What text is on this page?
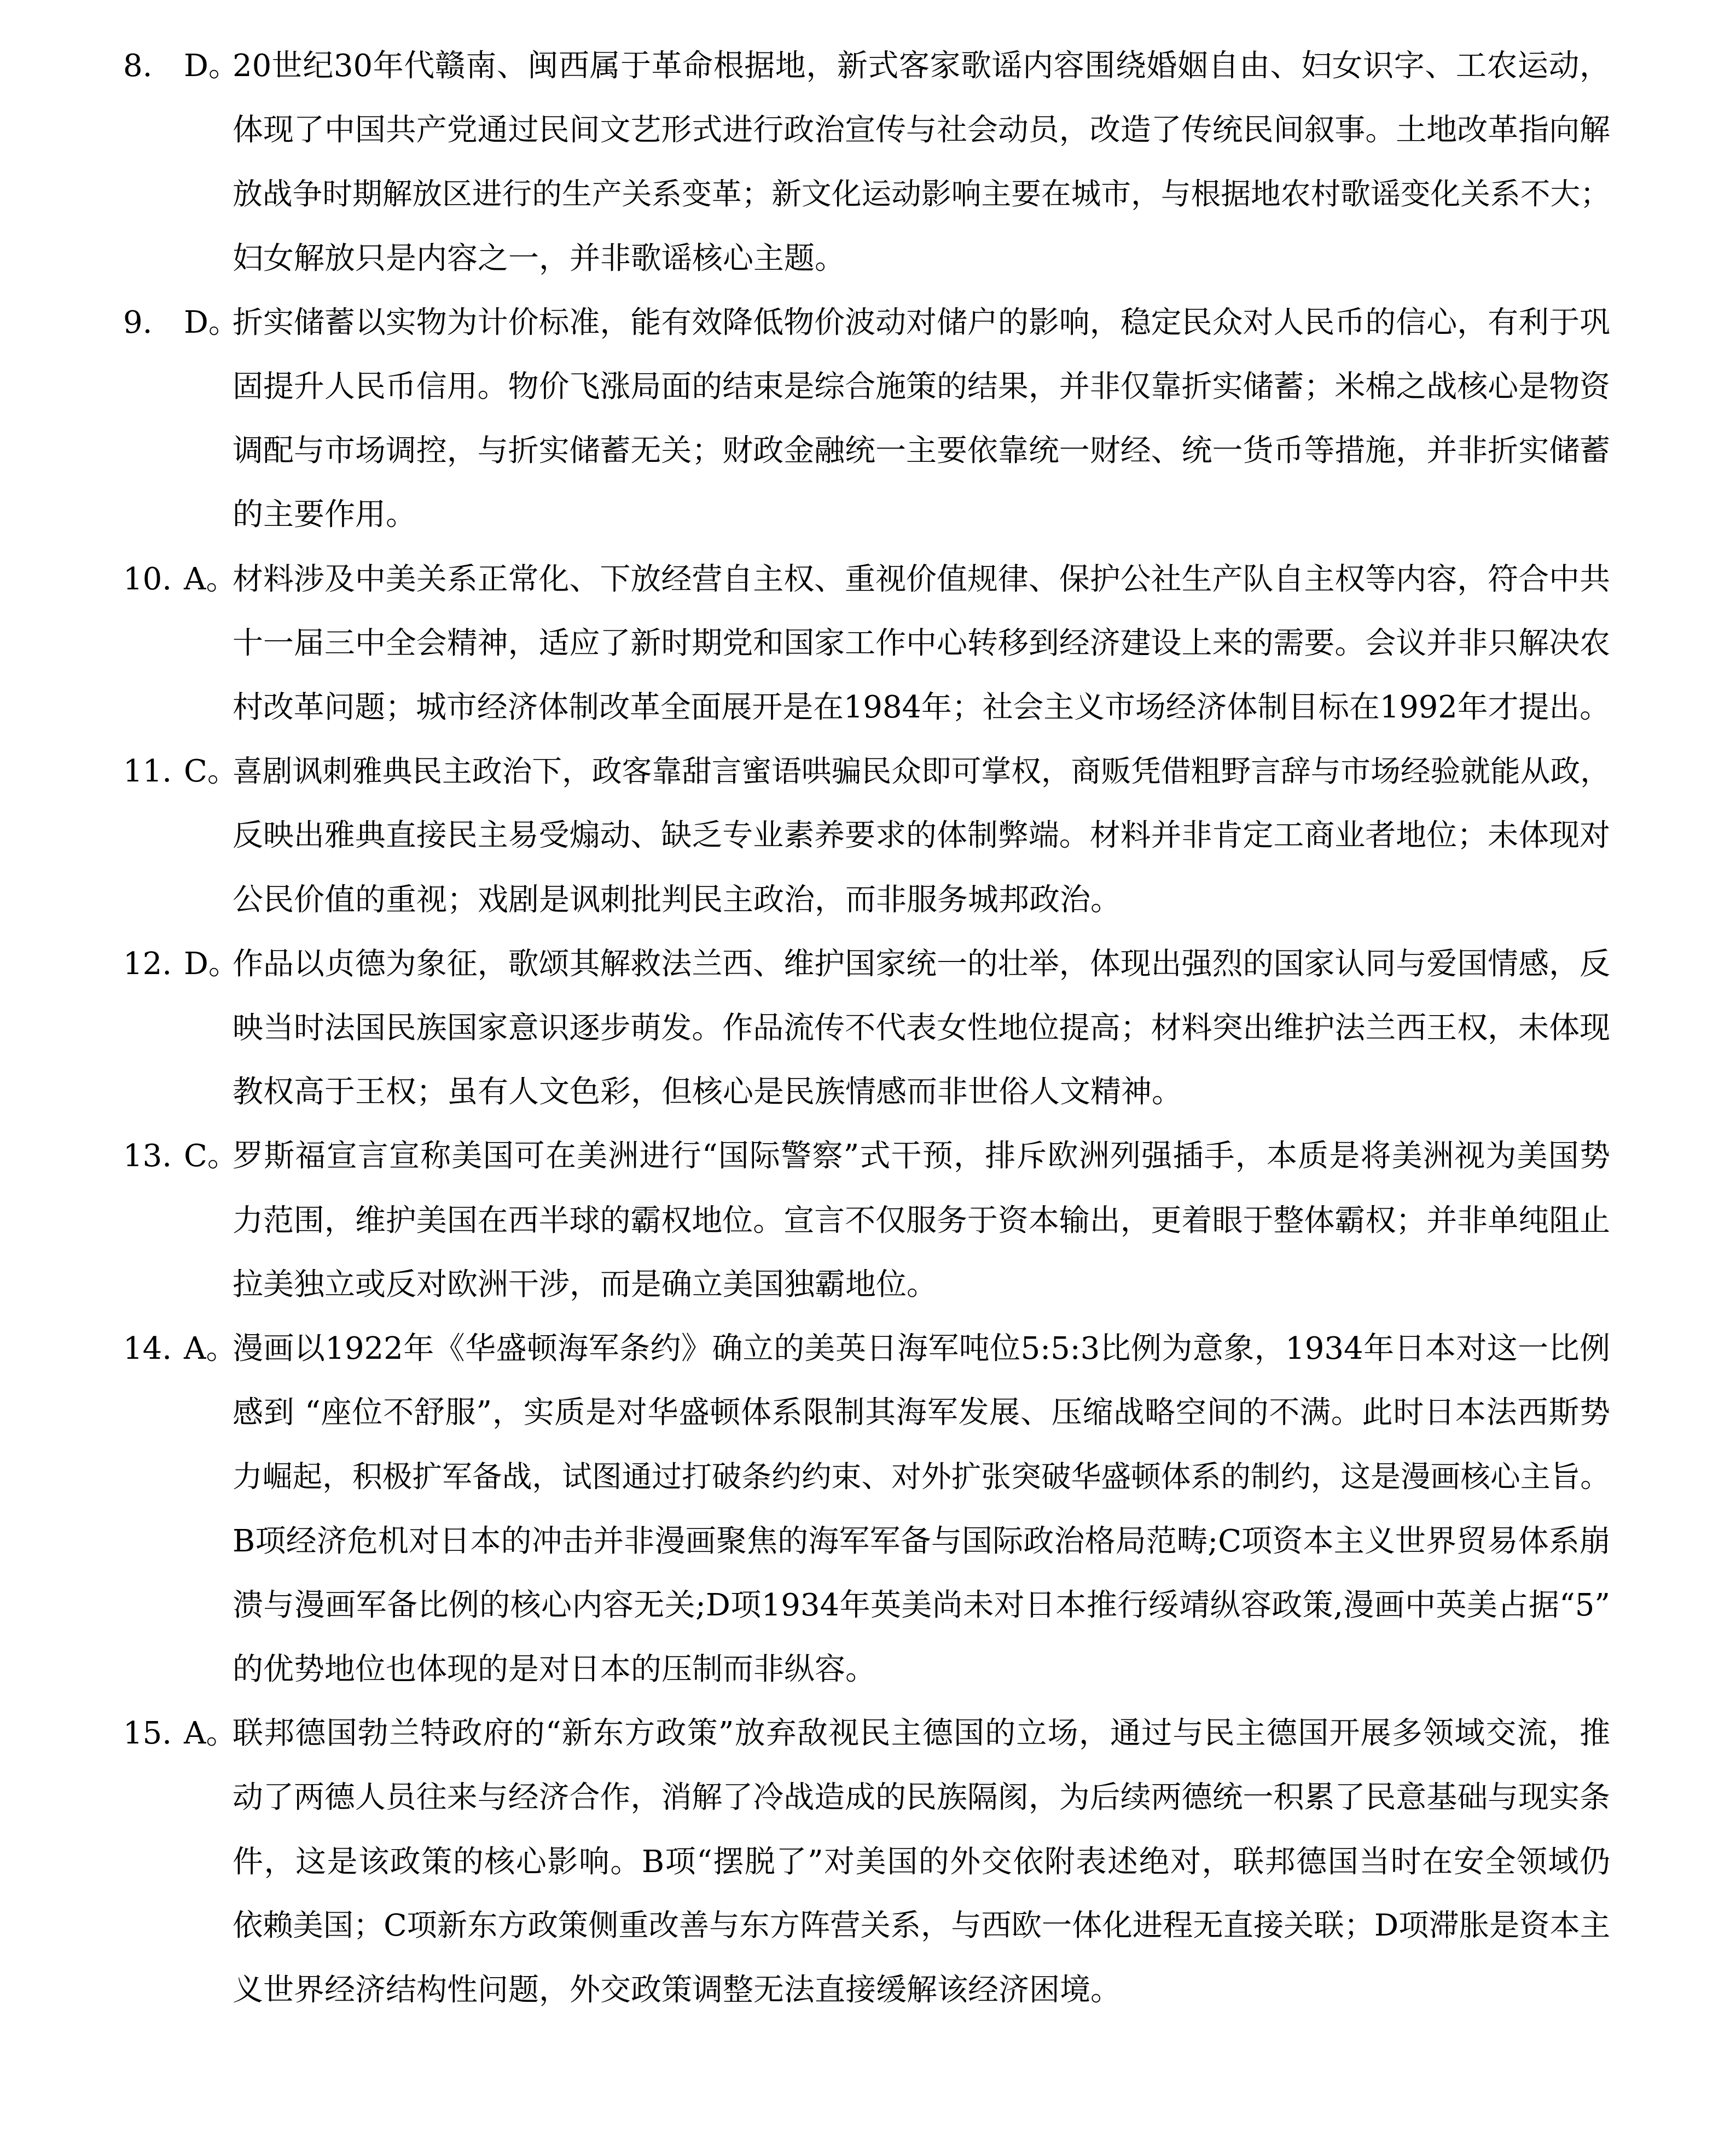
8. D。
20世纪30年代赣南、闽西属于革命根据地，新式客家歌谣内容围绕婚姻自由、妇女识字、工农运动，
体现了中国共产党通过民间文艺形式进行政治宣传与社会动员，改造了传统民间叙事。土地改革指向解
放战争时期解放区进行的生产关系变革；新文化运动影响主要在城市，与根据地农村歌谣变化关系不大；
妇女解放只是内容之一，并非歌谣核心主题。
9. D。
折实储蓄以实物为计价标准，能有效降低物价波动对储户的影响，稳定民众对人民币的信心，有利于巩
固提升人民币信用。物价飞涨局面的结束是综合施策的结果，并非仅靠折实储蓄；米棉之战核心是物资
调配与市场调控，与折实储蓄无关；财政金融统一主要依靠统一财经、统一货币等措施，并非折实储蓄
的主要作用。
10. A。
材料涉及中美关系正常化、下放经营自主权、重视价值规律、保护公社生产队自主权等内容，符合中共
十一届三中全会精神，适应了新时期党和国家工作中心转移到经济建设上来的需要。会议并非只解决农
村改革问题；城市经济体制改革全面展开是在1984年；社会主义市场经济体制目标在1992年才提出。
11. C。
喜剧讽刺雅典民主政治下，政客靠甜言蜜语哄骗民众即可掌权，商贩凭借粗野言辞与市场经验就能从政，
反映出雅典直接民主易受煽动、缺乏专业素养要求的体制弊端。材料并非肯定工商业者地位；未体现对
公民价值的重视；戏剧是讽刺批判民主政治，而非服务城邦政治。
12. D。
作品以贞德为象征，歌颂其解救法兰西、维护国家统一的壮举，体现出强烈的国家认同与爱国情感，反
映当时法国民族国家意识逐步萌发。作品流传不代表女性地位提高；材料突出维护法兰西王权，未体现
教权高于王权；虽有人文色彩，但核心是民族情感而非世俗人文精神。
13. C。
罗斯福宣言宣称美国可在美洲进行“国际警察”式干预，排斥欧洲列强插手，本质是将美洲视为美国势
力范围，维护美国在西半球的霸权地位。宣言不仅服务于资本输出，更着眼于整体霸权；并非单纯阻止
拉美独立或反对欧洲干涉，而是确立美国独霸地位。
14. A。
漫画以1922年《华盛顿海军条约》确立的美英日海军吨位5:5:3比例为意象，1934年日本对这一比例
感到 “座位不舒服”，实质是对华盛顿体系限制其海军发展、压缩战略空间的不满。此时日本法西斯势
力崛起，积极扩军备战，试图通过打破条约约束、对外扩张突破华盛顿体系的制约，这是漫画核心主旨。
B项经济危机对日本的冲击并非漫画聚焦的海军军备与国际政治格局范畴;C项资本主义世界贸易体系崩
溃与漫画军备比例的核心内容无关;D项1934年英美尚未对日本推行绥靖纵容政策,漫画中英美占据“5”
的优势地位也体现的是对日本的压制而非纵容。
15. A。
联邦德国勃兰特政府的“新东方政策”放弃敌视民主德国的立场，通过与民主德国开展多领域交流，推
动了两德人员往来与经济合作，消解了冷战造成的民族隔阂，为后续两德统一积累了民意基础与现实条
件，这是该政策的核心影响。B项“摆脱了”对美国的外交依附表述绝对，联邦德国当时在安全领域仍
依赖美国；C项新东方政策侧重改善与东方阵营关系，与西欧一体化进程无直接关联；D项滞胀是资本主
义世界经济结构性问题，外交政策调整无法直接缓解该经济困境。
